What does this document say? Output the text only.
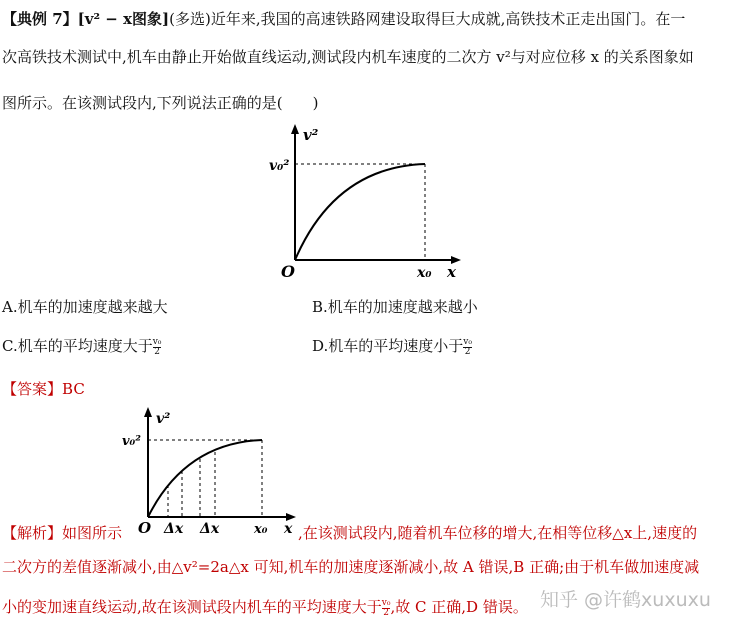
【典例 7】[v² − x图象](多选)近年来,我国的高速铁路网建设取得巨大成就,高铁技术正走出国门。在一
次高铁技术测试中,机车由静止开始做直线运动,测试段内机车速度的二次方 v²与对应位移 x 的关系图象如
图所示。在该测试段内,下列说法正确的是(　　)
v²
v₀²
O	x₀ x
A.机车的加速度越来越大	B.机车的加速度越来越小
C.机车的平均速度大于 $\frac{\text{v₀}}{2}$	D.机车的平均速度小于 $\frac{\text{v₀}}{2}$
【答案】BC
v²
v₀²
O Δx Δx	x₀ x
【解析】如图所示	,在该测试段内,随着机车位移的增大,在相等位移△x上,速度的
二次方的差值逐渐减小,由△v²=2a△x 可知,机车的加速度逐渐减小,故 A 错误,B 正确;由于机车做加速度减
小的变加速直线运动,故在该测试段内机车的平均速度大于 $\frac{\text{v₀}}{2}$ ,故 C 正确,D 错误。 知乎 @许鹤xuxuxu
